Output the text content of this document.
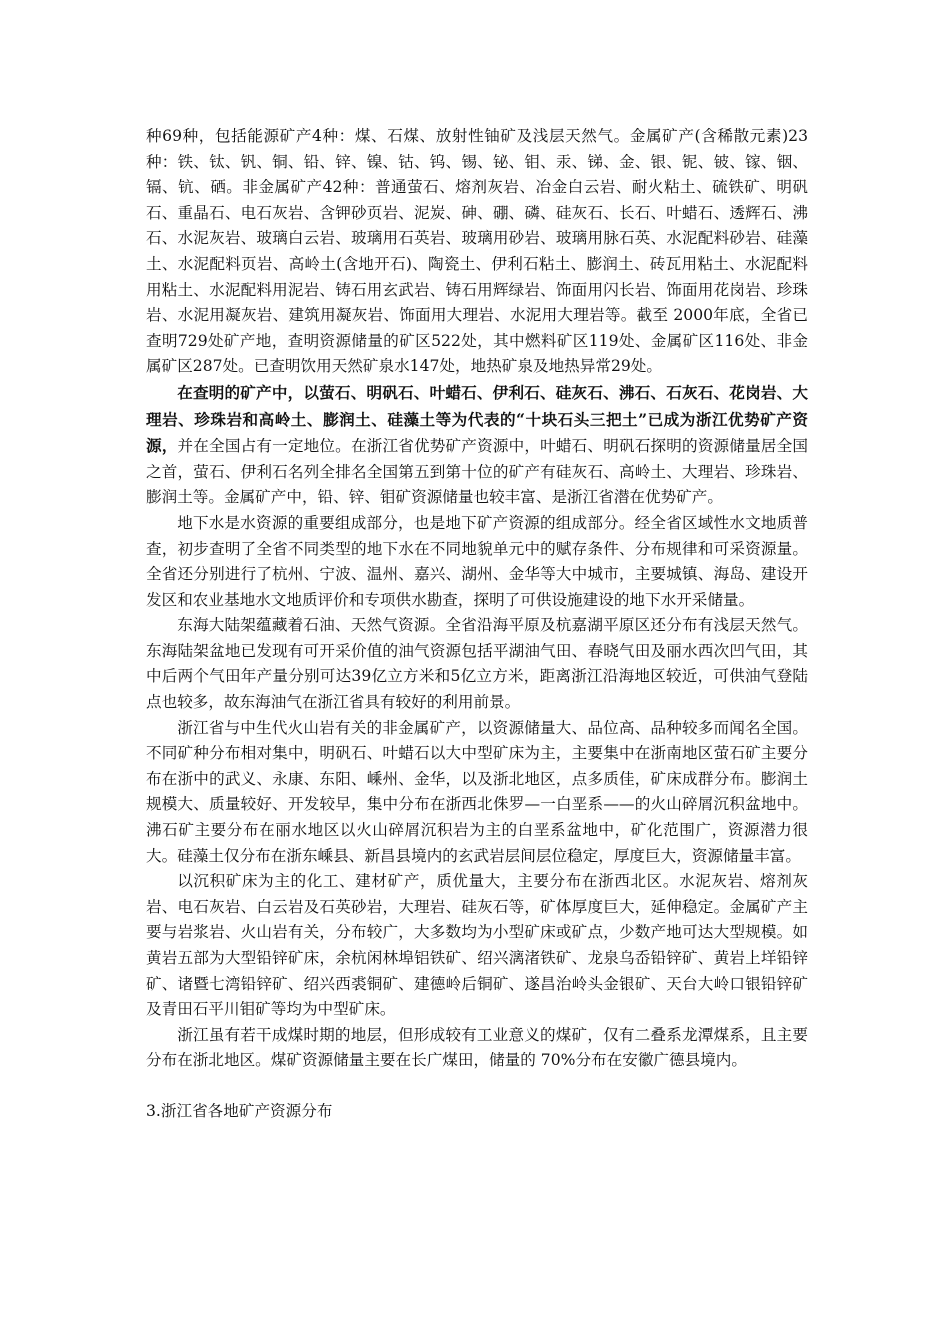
种69种，包括能源矿产4种：煤、石煤、放射性铀矿及浅层天然气。金属矿产(含稀散元素)23种：铁、钛、钒、铜、铅、锌、镍、钴、钨、锡、铋、钼、汞、锑、金、银、铌、铍、镓、铟、镉、钪、硒。非金属矿产42种：普通萤石、熔剂灰岩、冶金白云岩、耐火粘土、硫铁矿、明矾石、重晶石、电石灰岩、含钾砂页岩、泥炭、砷、硼、磷、硅灰石、长石、叶蜡石、透辉石、沸石、水泥灰岩、玻璃白云岩、玻璃用石英岩、玻璃用砂岩、玻璃用脉石英、水泥配料砂岩、硅藻土、水泥配料页岩、高岭土(含地开石)、陶瓷土、伊利石粘土、膨润土、砖瓦用粘土、水泥配料用粘土、水泥配料用泥岩、铸石用玄武岩、铸石用辉绿岩、饰面用闪长岩、饰面用花岗岩、珍珠岩、水泥用凝灰岩、建筑用凝灰岩、饰面用大理岩、水泥用大理岩等。截至 2000年底，全省已查明729处矿产地，查明资源储量的矿区522处，其中燃料矿区119处、金属矿区116处、非金属矿区287处。已查明饮用天然矿泉水147处，地热矿泉及地热异常29处。

在查明的矿产中，以萤石、明矾石、叶蜡石、伊利石、硅灰石、沸石、石灰石、花岗岩、大理岩、珍珠岩和高岭土、膨润土、硅藻土等为代表的“十块石头三把土”已成为浙江优势矿产资源，并在全国占有一定地位。在浙江省优势矿产资源中，叶蜡石、明矾石探明的资源储量居全国之首，萤石、伊利石名列全排名全国第五到第十位的矿产有硅灰石、高岭土、大理岩、珍珠岩、膨润土等。金属矿产中，铅、锌、钼矿资源储量也较丰富、是浙江省潜在优势矿产。

地下水是水资源的重要组成部分，也是地下矿产资源的组成部分。经全省区域性水文地质普查，初步查明了全省不同类型的地下水在不同地貌单元中的赋存条件、分布规律和可采资源量。全省还分别进行了杭州、宁波、温州、嘉兴、湖州、金华等大中城市，主要城镇、海岛、建设开发区和农业基地水文地质评价和专项供水勘查，探明了可供设施建设的地下水开采储量。

东海大陆架蕴藏着石油、天然气资源。全省沿海平原及杭嘉湖平原区还分布有浅层天然气。东海陆架盆地已发现有可开采价值的油气资源包括平湖油气田、春晓气田及丽水西次凹气田，其中后两个气田年产量分别可达39亿立方米和5亿立方米，距离浙江沿海地区较近，可供油气登陆点也较多，故东海油气在浙江省具有较好的利用前景。

浙江省与中生代火山岩有关的非金属矿产，以资源储量大、品位高、品种较多而闻名全国。不同矿种分布相对集中，明矾石、叶蜡石以大中型矿床为主，主要集中在浙南地区萤石矿主要分布在浙中的武义、永康、东阳、嵊州、金华，以及浙北地区，点多质佳，矿床成群分布。膨润土规模大、质量较好、开发较早，集中分布在浙西北侏罗—一白垩系——的火山碎屑沉积盆地中。沸石矿主要分布在丽水地区以火山碎屑沉积岩为主的白垩系盆地中，矿化范围广，资源潜力很大。硅藻土仅分布在浙东嵊县、新昌县境内的玄武岩层间层位稳定，厚度巨大，资源储量丰富。

以沉积矿床为主的化工、建材矿产，质优量大，主要分布在浙西北区。水泥灰岩、熔剂灰岩、电石灰岩、白云岩及石英砂岩，大理岩、硅灰石等，矿体厚度巨大，延伸稳定。金属矿产主要与岩浆岩、火山岩有关，分布较广，大多数均为小型矿床或矿点，少数产地可达大型规模。如黄岩五部为大型铅锌矿床，余杭闲林埠铝铁矿、绍兴漓渚铁矿、龙泉乌岙铅锌矿、黄岩上垟铅锌矿、诸暨七湾铅锌矿、绍兴西裘铜矿、建德岭后铜矿、遂昌治岭头金银矿、天台大岭口银铅锌矿及青田石平川钼矿等均为中型矿床。

浙江虽有若干成煤时期的地层，但形成较有工业意义的煤矿，仅有二叠系龙潭煤系，且主要分布在浙北地区。煤矿资源储量主要在长广煤田，储量的 70%分布在安徽广德县境内。

3.浙江省各地矿产资源分布
